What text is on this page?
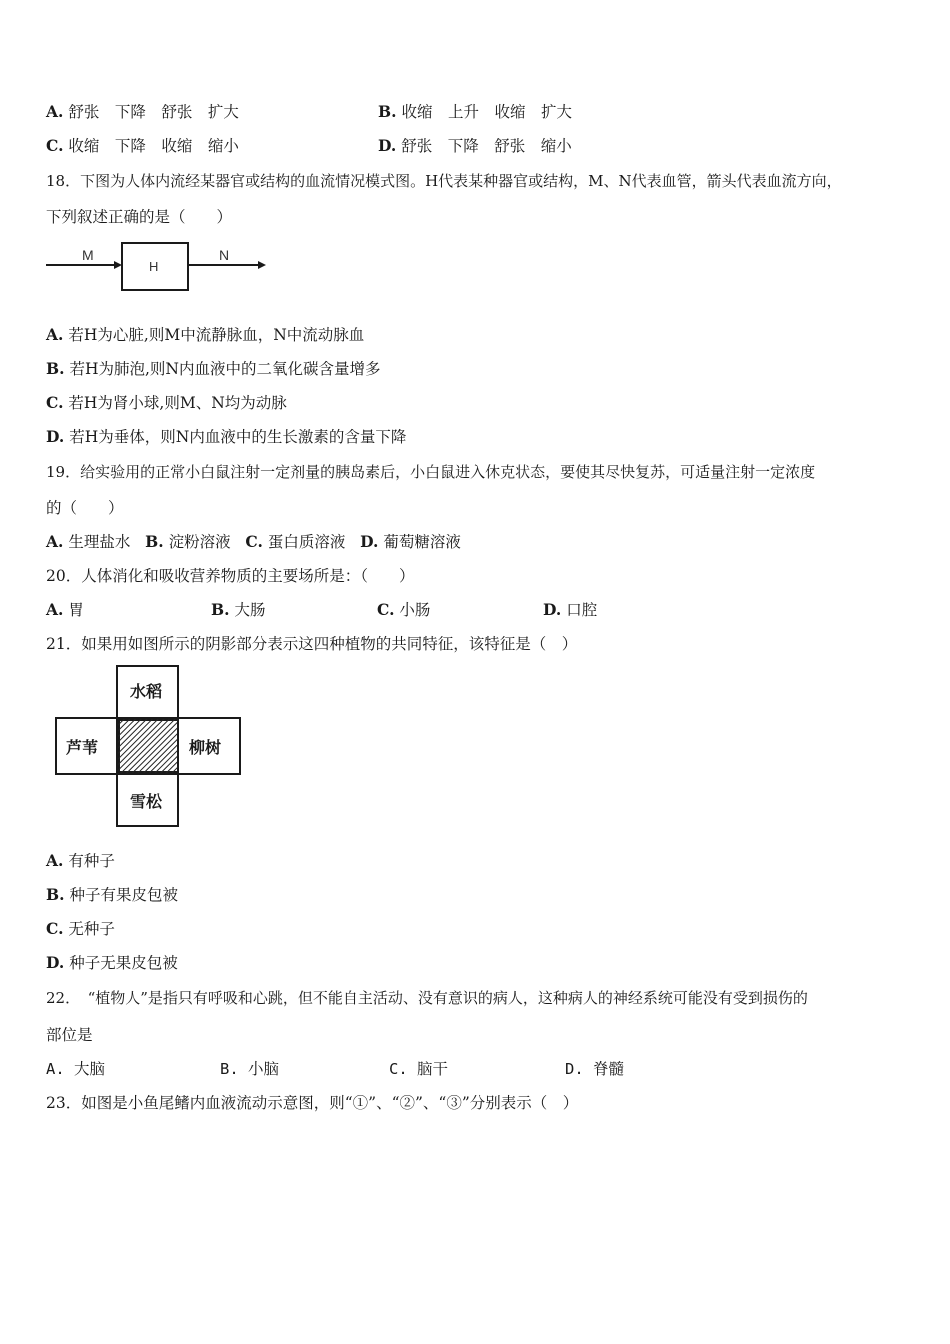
A. 舒张　下降　舒张　扩大	B. 收缩　上升　收缩　扩大
C. 收缩　下降　收缩　缩小	D. 舒张　下降　舒张　缩小
18．下图为人体内流经某器官或结构的血流情况模式图。H代表某种器官或结构，M、N代表血管，箭头代表血流方向，
下列叙述正确的是（　　）
M
H
N
A. 若H为心脏,则M中流静脉血，N中流动脉血
B. 若H为肺泡,则N内血液中的二氧化碳含量增多
C. 若H为肾小球,则M、N均为动脉
D. 若H为垂体，则N内血液中的生长激素的含量下降
19．给实验用的正常小白鼠注射一定剂量的胰岛素后，小白鼠进入休克状态，要使其尽快复苏，可适量注射一定浓度
的（　　）
A. 生理盐水 B. 淀粉溶液 C. 蛋白质溶液 D. 葡萄糖溶液
20．人体消化和吸收营养物质的主要场所是：（　　）
A. 胃	B. 大肠	C. 小肠	D. 口腔
21．如果用如图所示的阴影部分表示这四种植物的共同特征，该特征是（　）
水稻
芦苇	柳树
雪松
A. 有种子
B. 种子有果皮包被
C. 无种子
D. 种子无果皮包被
22．　“植物人”是指只有呼吸和心跳，但不能自主活动、没有意识的病人，这种病人的神经系统可能没有受到损伤的
部位是
A. 大脑	B. 小脑	C. 脑干	D. 脊髓
23．如图是小鱼尾鳍内血液流动示意图，则“①”、“②”、“③”分别表示（　）
